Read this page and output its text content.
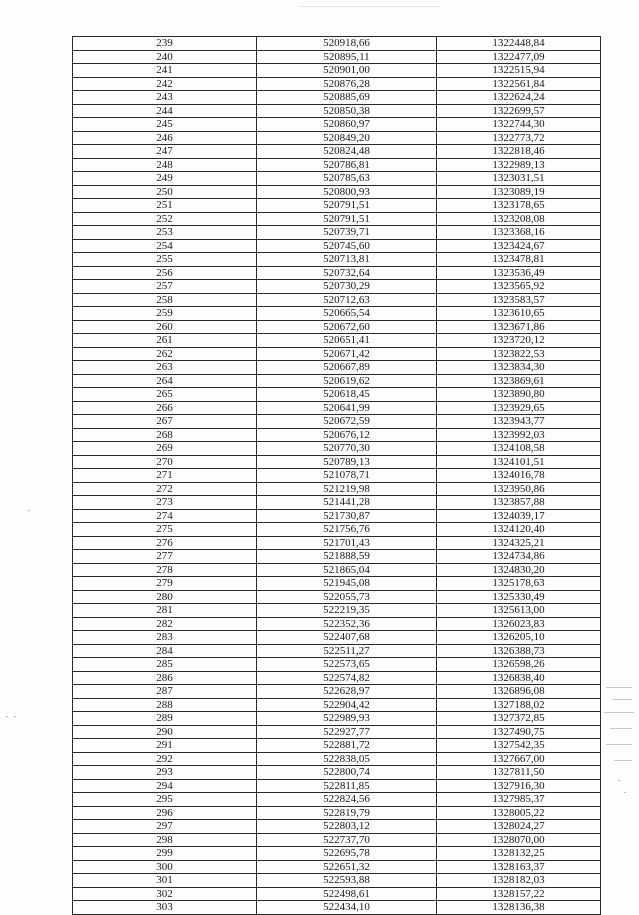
239	520918,66	1322448,84
240	520895,11	1322477,09
241	520901,00	1322515,94
242	520876,28	1322561,84
243	520885,69	1322624,24
244	520850,38	1322699,57
245	520860,97	1322744,30
246	520849,20	1322773,72
247	520824,48	1322818,46
248	520786,81	1322989,13
249	520785,63	1323031,51
250	520800,93	1323089,19
251	520791,51	1323178,65
252	520791,51	1323208,08
253	520739,71	1323368,16
254	520745,60	1323424,67
255	520713,81	1323478,81
256	520732,64	1323536,49
257	520730,29	1323565,92
258	520712,63	1323583,57
259	520665,54	1323610,65
260	520672,60	1323671,86
261	520651,41	1323720,12
262	520671,42	1323822,53
263	520667,89	1323834,30
264	520619,62	1323869,61
265	520618,45	1323890,80
266	520641,99	1323929,65
267	520672,59	1323943,77
268	520676,12	1323992,03
269	520770,30	1324108,58
270	520789,13	1324101,51
271	521078,71	1324016,78
272	521219,98	1323950,86
273	521441,28	1323857,88
274	521730,87	1324039,17
275	521756,76	1324120,40
276	521701,43	1324325,21
277	521888,59	1324734,86
278	521865,04	1324830,20
279	521945,08	1325178,63
280	522055,73	1325330,49
281	522219,35	1325613,00
282	522352,36	1326023,83
283	522407,68	1326205,10
284	522511,27	1326388,73
285	522573,65	1326598,26
286	522574,82	1326838,40
287	522628,97	1326896,08
288	522904,42	1327188,02
289	522989,93	1327372,85
290	522927,77	1327490,75
291	522881,72	1327542,35
292	522838,05	1327667,00
293	522800,74	1327811,50
294	522811,85	1327916,30
295	522824,56	1327985,37
296	522819,79	1328005,22
297	522803,12	1328024,27
298	522737,70	1328070,00
299	522695,78	1328132,25
300	522651,32	1328163,37
301	522593,88	1328182,03
302	522498,61	1328157,22
303	522434,10	1328136,38
